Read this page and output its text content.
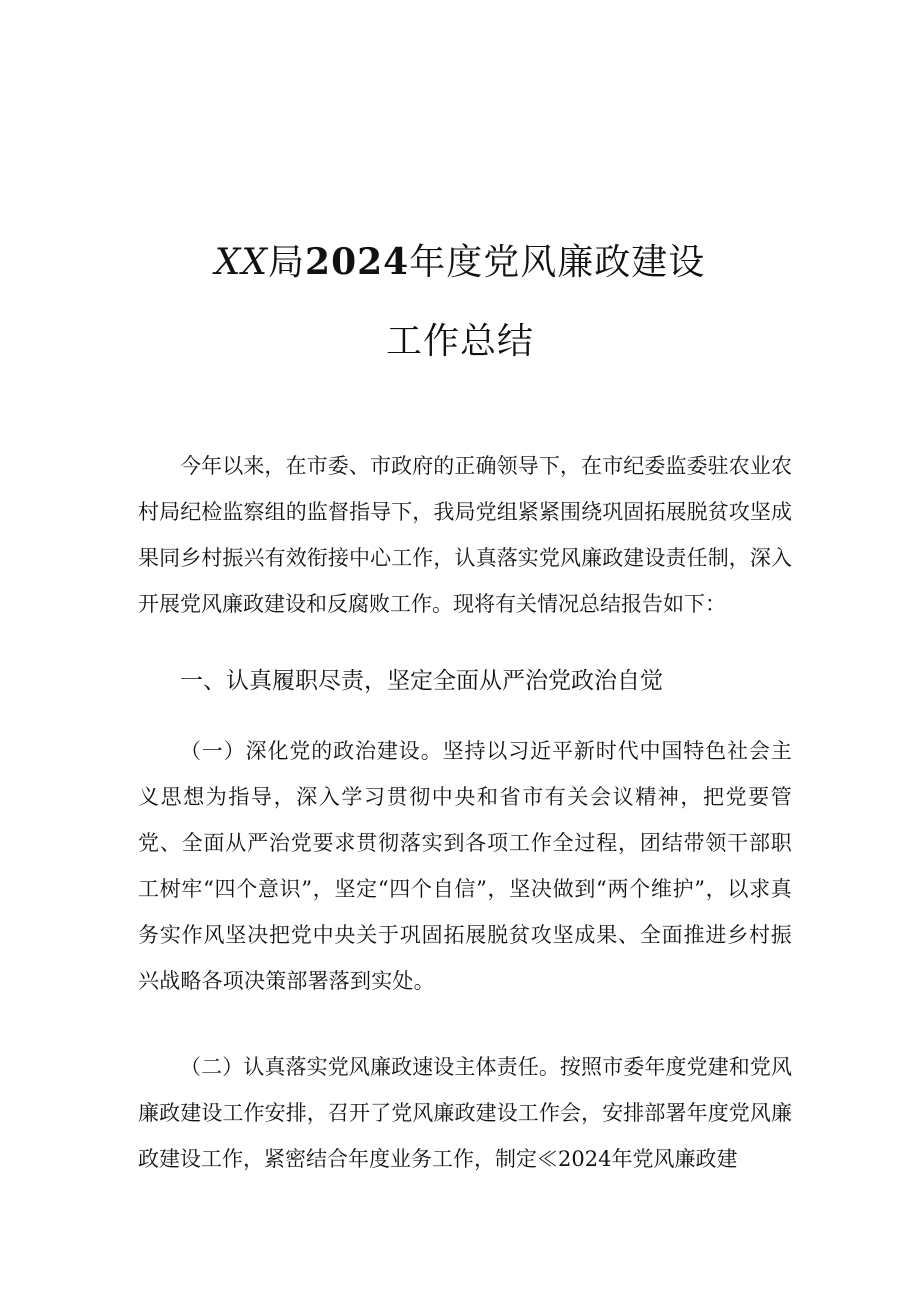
XX局2024年度党风廉政建设
工作总结
今年以来，在市委、市政府的正确领导下，在市纪委监委驻农业农村局纪检监察组的监督指导下，我局党组紧紧围绕巩固拓展脱贫攻坚成果同乡村振兴有效衔接中心工作，认真落实党风廉政建设责任制，深入开展党风廉政建设和反腐败工作。现将有关情况总结报告如下：
一、认真履职尽责，坚定全面从严治党政治自觉
（一）深化党的政治建设。坚持以习近平新时代中国特色社会主义思想为指导，深入学习贯彻中央和省市有关会议精神，把党要管党、全面从严治党要求贯彻落实到各项工作全过程，团结带领干部职工树牢“四个意识”，坚定“四个自信”，坚决做到“两个维护”，以求真务实作风坚决把党中央关于巩固拓展脱贫攻坚成果、全面推进乡村振兴战略各项决策部署落到实处。
（二）认真落实党风廉政速设主体责任。按照市委年度党建和党风廉政建设工作安排，召开了党风廉政建设工作会，安排部署年度党风廉政建设工作，紧密结合年度业务工作，制定≪2024年党风廉政建
